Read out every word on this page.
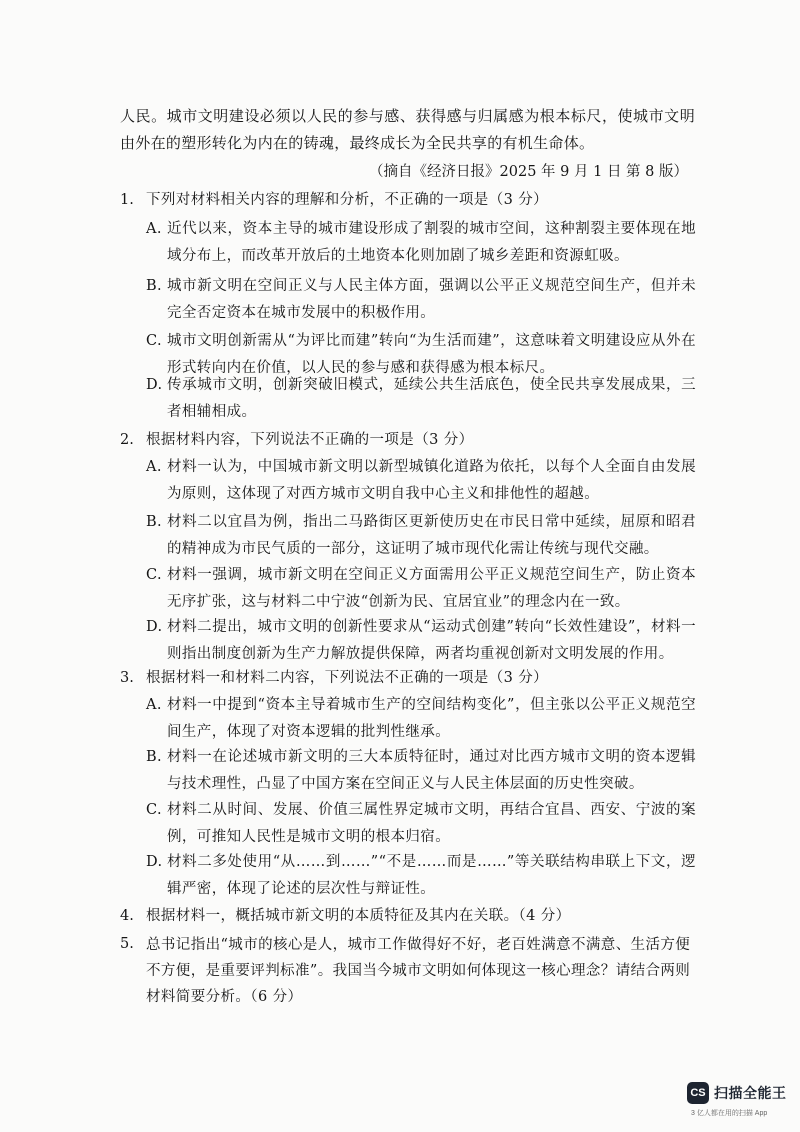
人民。城市文明建设必须以人民的参与感、获得感与归属感为根本标尺，使城市文明由外在的塑形转化为内在的铸魂，最终成长为全民共享的有机生命体。
（摘自《经济日报》2025 年 9 月 1 日 第 8 版）
1. 下列对材料相关内容的理解和分析，不正确的一项是（3 分）
A. 近代以来，资本主导的城市建设形成了割裂的城市空间，这种割裂主要体现在地域分布上，而改革开放后的土地资本化则加剧了城乡差距和资源虹吸。
B. 城市新文明在空间正义与人民主体方面，强调以公平正义规范空间生产，但并未完全否定资本在城市发展中的积极作用。
C. 城市文明创新需从“为评比而建”转向“为生活而建”，这意味着文明建设应从外在形式转向内在价值，以人民的参与感和获得感为根本标尺。
D. 传承城市文明，创新突破旧模式，延续公共生活底色，使全民共享发展成果，三者相辅相成。
2. 根据材料内容，下列说法不正确的一项是（3 分）
A. 材料一认为，中国城市新文明以新型城镇化道路为依托，以每个人全面自由发展为原则，这体现了对西方城市文明自我中心主义和排他性的超越。
B. 材料二以宜昌为例，指出二马路街区更新使历史在市民日常中延续，屈原和昭君的精神成为市民气质的一部分，这证明了城市现代化需让传统与现代交融。
C. 材料一强调，城市新文明在空间正义方面需用公平正义规范空间生产，防止资本无序扩张，这与材料二中宁波“创新为民、宜居宜业”的理念内在一致。
D. 材料二提出，城市文明的创新性要求从“运动式创建”转向“长效性建设”，材料一则指出制度创新为生产力解放提供保障，两者均重视创新对文明发展的作用。
3. 根据材料一和材料二内容，下列说法不正确的一项是（3 分）
A. 材料一中提到“资本主导着城市生产的空间结构变化”，但主张以公平正义规范空间生产，体现了对资本逻辑的批判性继承。
B. 材料一在论述城市新文明的三大本质特征时，通过对比西方城市文明的资本逻辑与技术理性，凸显了中国方案在空间正义与人民主体层面的历史性突破。
C. 材料二从时间、发展、价值三属性界定城市文明，再结合宜昌、西安、宁波的案例，可推知人民性是城市文明的根本归宿。
D. 材料二多处使用“从……到……”“不是……而是……”等关联结构串联上下文，逻辑严密，体现了论述的层次性与辩证性。
4. 根据材料一，概括城市新文明的本质特征及其内在关联。（4 分）
5. 总书记指出“城市的核心是人，城市工作做得好不好，老百姓满意不满意、生活方便不方便，是重要评判标准”。我国当今城市文明如何体现这一核心理念？请结合两则材料简要分析。（6 分）
CS 扫描全能王
3 亿人都在用的扫描 App
